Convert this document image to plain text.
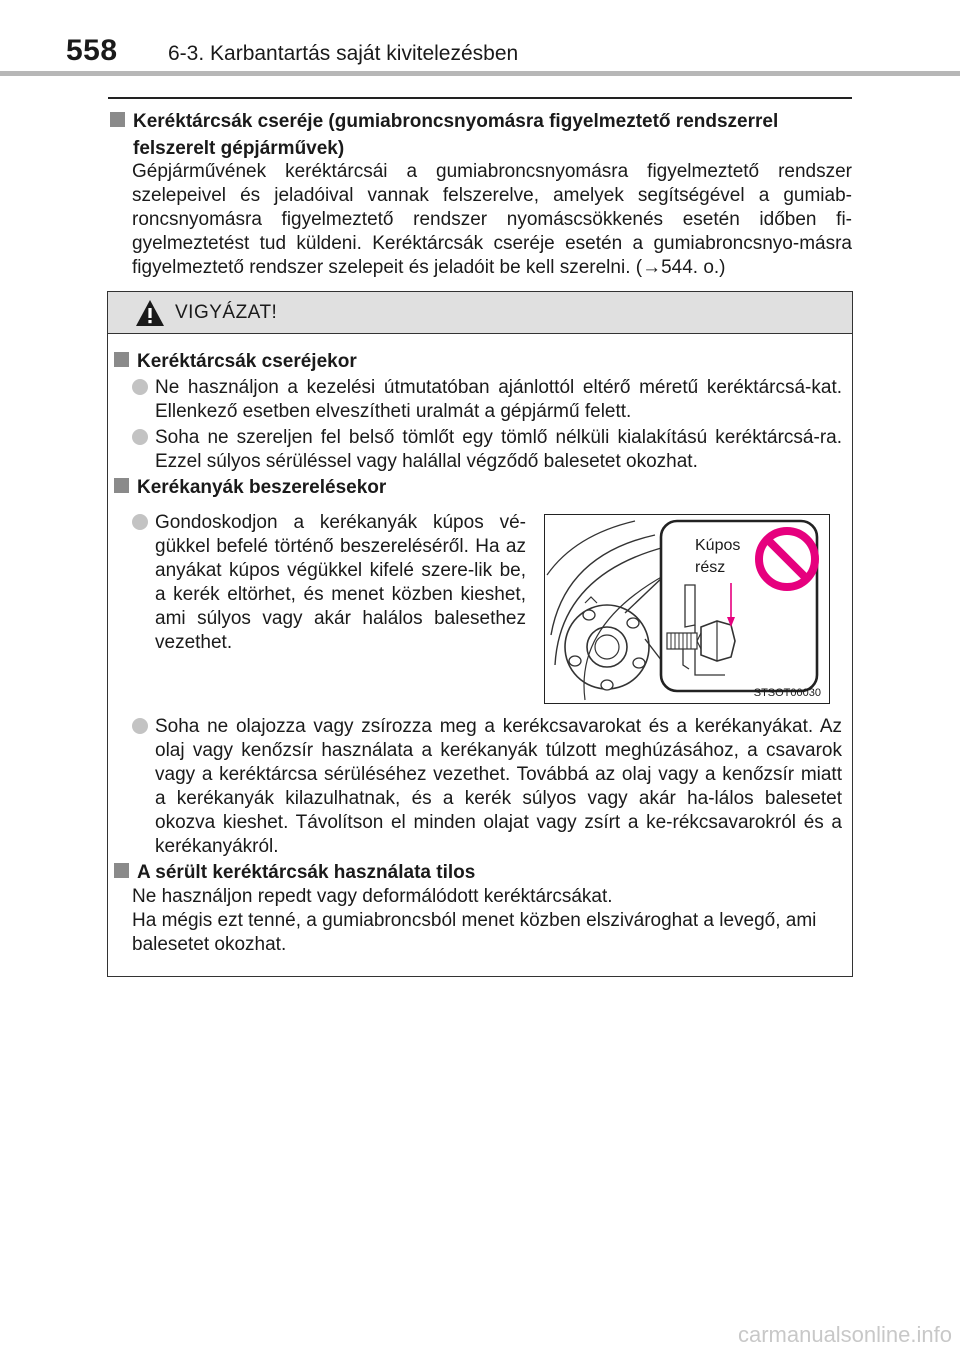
558 6-3. Karbantartás saját kivitelezésben
Keréktárcsák cseréje (gumiabroncsnyomásra figyelmeztető rendszerrel
felszerelt gépjárművek)
Gépjárművének keréktárcsái a gumiabroncsnyomásra figyelmeztető rendszer szelepeivel és jeladóival vannak felszerelve, amelyek segítségével a gumiab-roncsnyomásra figyelmeztető rendszer nyomáscsökkenés esetén időben fi-gyelmeztetést tud küldeni. Keréktárcsák cseréje esetén a gumiabroncsnyo-másra figyelmeztető rendszer szelepeit és jeladóit be kell szerelni. (→544. o.)
VIGYÁZAT!
Keréktárcsák cseréjekor
Ne használjon a kezelési útmutatóban ajánlottól eltérő méretű keréktárcsá-kat. Ellenkező esetben elveszítheti uralmát a gépjármű felett.
Soha ne szereljen fel belső tömlőt egy tömlő nélküli kialakítású keréktárcsá-ra. Ezzel súlyos sérüléssel vagy halállal végződő balesetet okozhat.
Kerékanyák beszerelésekor
Gondoskodjon a kerékanyák kúpos vé-gükkel befelé történő beszereléséről. Ha az anyákat kúpos végükkel kifelé szere-lik be, a kerék eltörhet, és menet közben kieshet, ami súlyos vagy akár halálos balesethez vezethet.
Kúpos
rész
STSOT00030
Soha ne olajozza vagy zsírozza meg a kerékcsavarokat és a kerékanyákat. Az olaj vagy kenőzsír használata a kerékanyák túlzott meghúzásához, a csavarok vagy a keréktárcsa sérüléséhez vezethet. Továbbá az olaj vagy a kenőzsír miatt a kerékanyák kilazulhatnak, és a kerék súlyos vagy akár ha-lálos balesetet okozva kieshet. Távolítson el minden olajat vagy zsírt a ke-rékcsavarokról és a kerékanyákról.
A sérült keréktárcsák használata tilos
Ne használjon repedt vagy deformálódott keréktárcsákat.
Ha mégis ezt tenné, a gumiabroncsból menet közben elszivároghat a levegő, ami balesetet okozhat.
carmanualsonline.info
